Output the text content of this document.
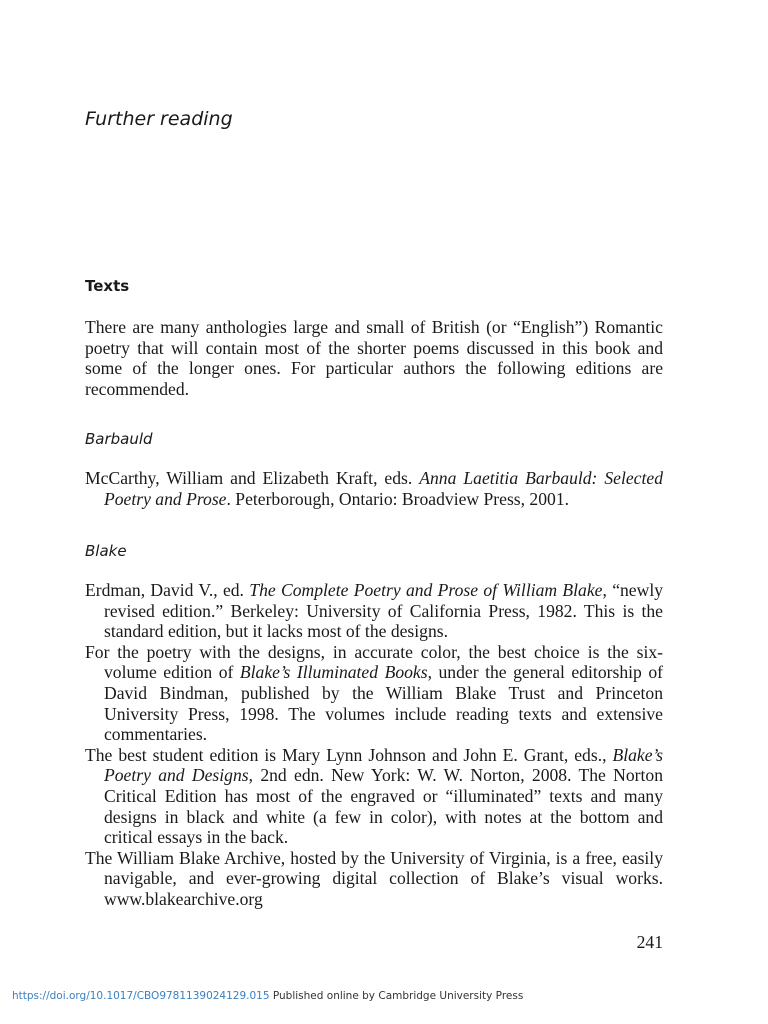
Further reading
Texts

There are many anthologies large and small of British (or “English”) Romantic poetry that will contain most of the shorter poems discussed in this book and some of the longer ones. For particular authors the following editions are recommended.

Barbauld
McCarthy, William and Elizabeth Kraft, eds. Anna Laetitia Barbauld: Selected Poetry and Prose. Peterborough, Ontario: Broadview Press, 2001.
Blake
Erdman, David V., ed. The Complete Poetry and Prose of William Blake, “newly revised edition.” Berkeley: University of California Press, 1982. This is the standard edition, but it lacks most of the designs.
For the poetry with the designs, in accurate color, the best choice is the six-volume edition of Blake’s Illuminated Books, under the general editorship of David Bindman, published by the William Blake Trust and Princeton University Press, 1998. The volumes include reading texts and extensive commentaries.
The best student edition is Mary Lynn Johnson and John E. Grant, eds., Blake’s Poetry and Designs, 2nd edn. New York: W. W. Norton, 2008. The Norton Critical Edition has most of the engraved or “illuminated” texts and many designs in black and white (a few in color), with notes at the bottom and critical essays in the back.
The William Blake Archive, hosted by the University of Virginia, is a free, easily navigable, and ever-growing digital collection of Blake’s visual works. www.blakearchive.org
241
https://doi.org/10.1017/CBO9781139024129.015 Published online by Cambridge University Press
